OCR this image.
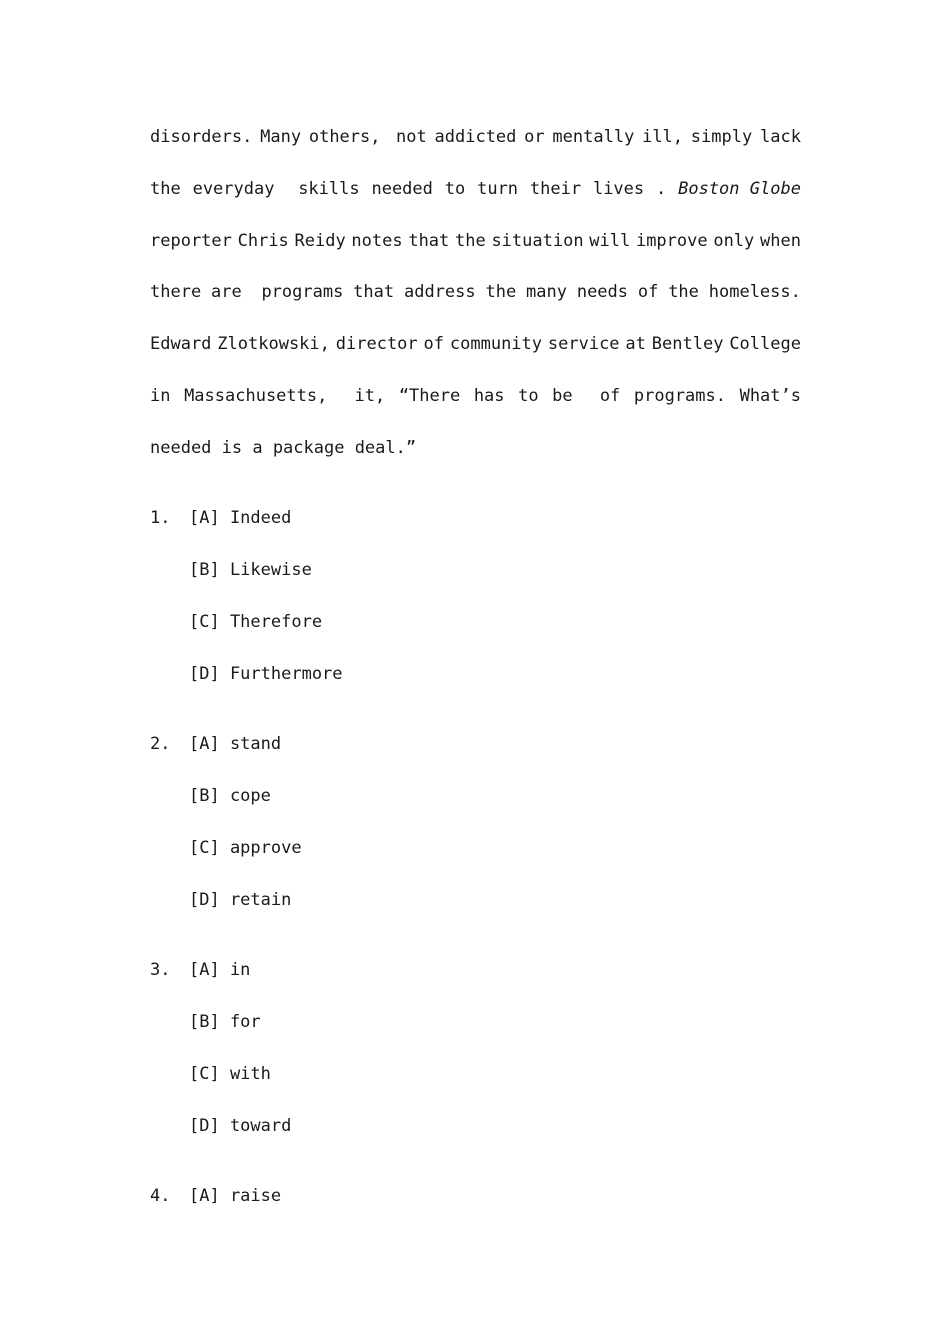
disorders. Many others, not addicted or mentally ill, simply lack
the everyday skills needed to turn their lives . Boston Globe
reporter Chris Reidy notes that the situation will improve only when
there are programs that address the many needs of the homeless.
Edward Zlotkowski, director of community service at Bentley College
in Massachusetts, it, “There has to be of programs. What’s
needed is a package deal.”
1.	[A] Indeed
[B] Likewise
[C] Therefore
[D] Furthermore
2.	[A] stand
[B] cope
[C] approve
[D] retain
3.	[A] in
[B] for
[C] with
[D] toward
4.	[A] raise
